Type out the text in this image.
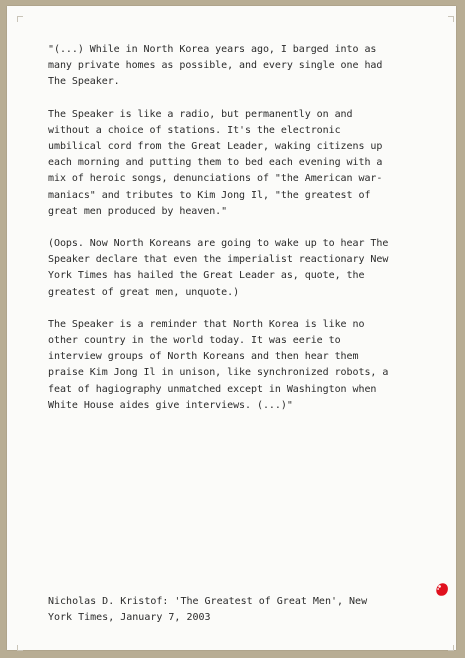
"(...) While in North Korea years ago, I barged into as

many private homes as possible, and every single one had

The Speaker.

The Speaker is like a radio, but permanently on and

without a choice of stations. It's the electronic

umbilical cord from the Great Leader, waking citizens up

each morning and putting them to bed each evening with a

mix of heroic songs, denunciations of "the American war-

maniacs" and tributes to Kim Jong Il, "the greatest of

great men produced by heaven."

(Oops. Now North Koreans are going to wake up to hear The

Speaker declare that even the imperialist reactionary New

York Times has hailed the Great Leader as, quote, the

greatest of great men, unquote.)

The Speaker is a reminder that North Korea is like no

other country in the world today. It was eerie to

interview groups of North Koreans and then hear them

praise Kim Jong Il in unison, like synchronized robots, a

feat of hagiography unmatched except in Washington when

White House aides give interviews. (...)"

Nicholas D. Kristof: 'The Greatest of Great Men', New

York Times, January 7, 2003
